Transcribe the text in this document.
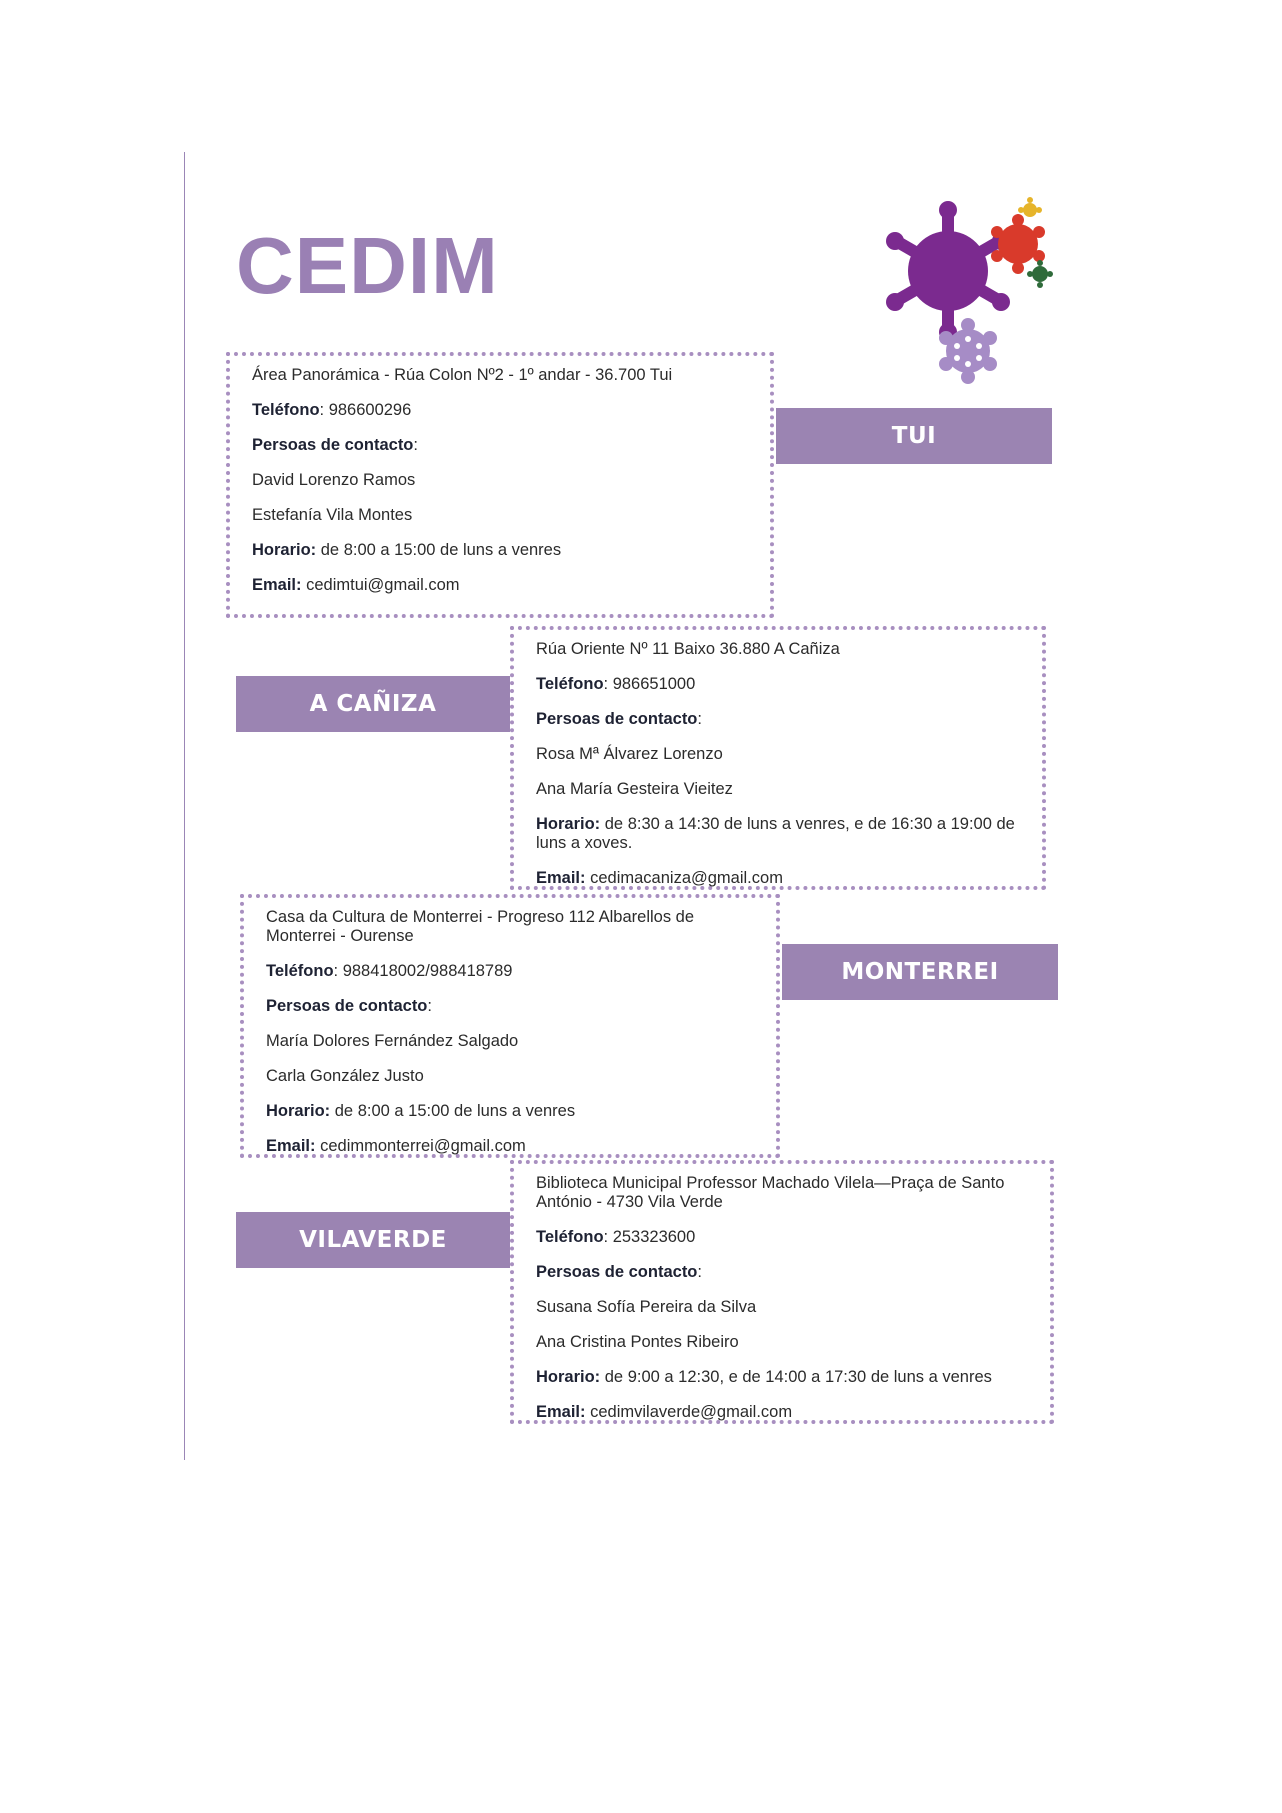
CEDIM

Área Panorámica - Rúa Colon Nº2 - 1º andar - 36.700 Tui

Teléfono: 986600296

Persoas de contacto:

David Lorenzo Ramos

Estefanía Vila Montes

Horario: de 8:00 a 15:00 de luns a venres

Email: cedimtui@gmail.com

TUI

Rúa Oriente Nº 11 Baixo 36.880 A Cañiza

Teléfono: 986651000

Persoas de contacto:

Rosa Mª Álvarez Lorenzo

Ana María Gesteira Vieitez

Horario: de 8:30 a 14:30 de luns a venres, e de 16:30 a 19:00 de luns a xoves.

Email: cedimacaniza@gmail.com

A CAÑIZA

Casa da Cultura de Monterrei - Progreso 112 Albarellos de Monterrei - Ourense

Teléfono: 988418002/988418789

Persoas de contacto:

María Dolores Fernández Salgado

Carla González Justo

Horario: de 8:00 a 15:00 de luns a venres

Email: cedimmonterrei@gmail.com

MONTERREI

Biblioteca Municipal Professor Machado Vilela—Praça de Santo António - 4730 Vila Verde

Teléfono: 253323600

Persoas de contacto:

Susana Sofía Pereira da Silva

Ana Cristina Pontes Ribeiro

Horario: de 9:00 a 12:30, e de 14:00 a 17:30 de luns a venres

Email: cedimvilaverde@gmail.com

VILAVERDE
